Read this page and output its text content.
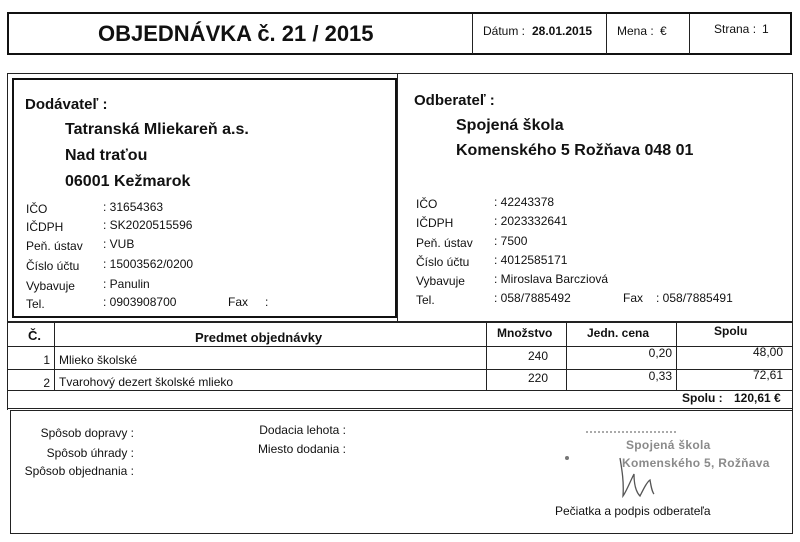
OBJEDNÁVKA č. 21 / 2015	Dátum : 28.01.2015 Mena : €	Strana : 1
Dodávateľ :
Tatranská Mliekareň a.s.
Nad traťou
06001 Kežmarok
IČO	: 31654363
IČDPH	: SK2020515596
Peň. ústav : VUB
Číslo účtu : 15003562/0200
Vybavuje : Panulin
Tel.	: 0903908700	Fax :
Odberateľ :
Spojená škola
Komenského 5 Rožňava 048 01
IČO	: 42243378
IČDPH	: 2023332641
Peň. ústav : 7500
Číslo účtu : 4012585171
Vybavuje : Miroslava Barcziová
Tel.	: 058/7885492	Fax : 058/7885491
Č.	Predmet objednávky	Množstvo	Jedn. cena	Spolu
1 Mlieko školské	240	0,20	48,00
2 Tvarohový dezert školské mlieko	220	0,33	72,61
Spolu : 120,61 €
Spôsob dopravy :
Spôsob úhrady :
Spôsob objednania :
Dodacia lehota :
Miesto dodania :	Spojená škola
Komenského 5, Rožňava
Pečiatka a podpis odberateľa
